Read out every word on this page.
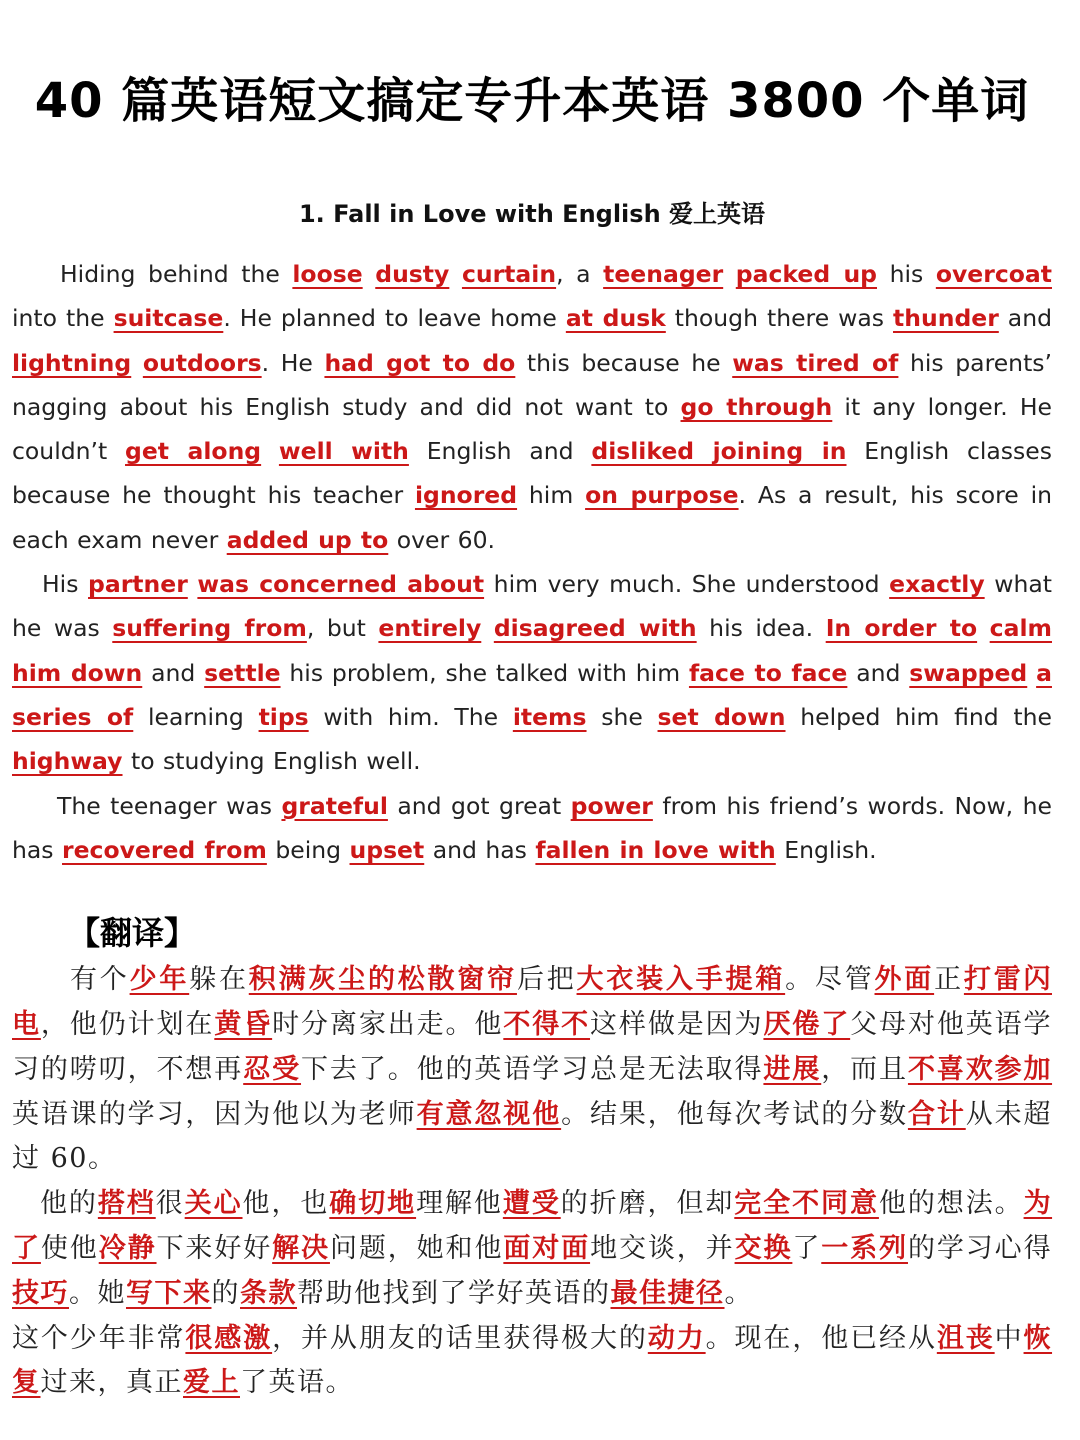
40 篇英语短文搞定专升本英语 3800 个单词
1. Fall in Love with English 爱上英语

Hiding behind the loose dusty curtain, a teenager packed up his overcoat into the suitcase. He planned to leave home at dusk though there was thunder and lightning outdoors. He had got to do this because he was tired of his parents’ nagging about his English study and did not want to go through it any longer. He couldn’t get along well with English and disliked joining in English classes because he thought his teacher ignored him on purpose. As a result, his score in each exam never added up to over 60.

His partner was concerned about him very much. She understood exactly what he was suffering from, but entirely disagreed with his idea. In order to calm him down and settle his problem, she talked with him face to face and swapped a series of learning tips with him. The items she set down helped him find the highway to studying English well.

The teenager was grateful and got great power from his friend’s words. Now, he has recovered from being upset and has fallen in love with English.

【翻译】

有个少年躲在积满灰尘的松散窗帘后把大衣装入手提箱。尽管外面正打雷闪电，他仍计划在黄昏时分离家出走。他不得不这样做是因为厌倦了父母对他英语学习的唠叨，不想再忍受下去了。他的英语学习总是无法取得进展，而且不喜欢参加英语课的学习，因为他以为老师有意忽视他。结果，他每次考试的分数合计从未超过 60。

他的搭档很关心他，也确切地理解他遭受的折磨，但却完全不同意他的想法。为了使他冷静下来好好解决问题，她和他面对面地交谈，并交换了一系列的学习心得技巧。她写下来的条款帮助他找到了学好英语的最佳捷径。

这个少年非常很感激，并从朋友的话里获得极大的动力。现在，他已经从沮丧中恢复过来，真正爱上了英语。
